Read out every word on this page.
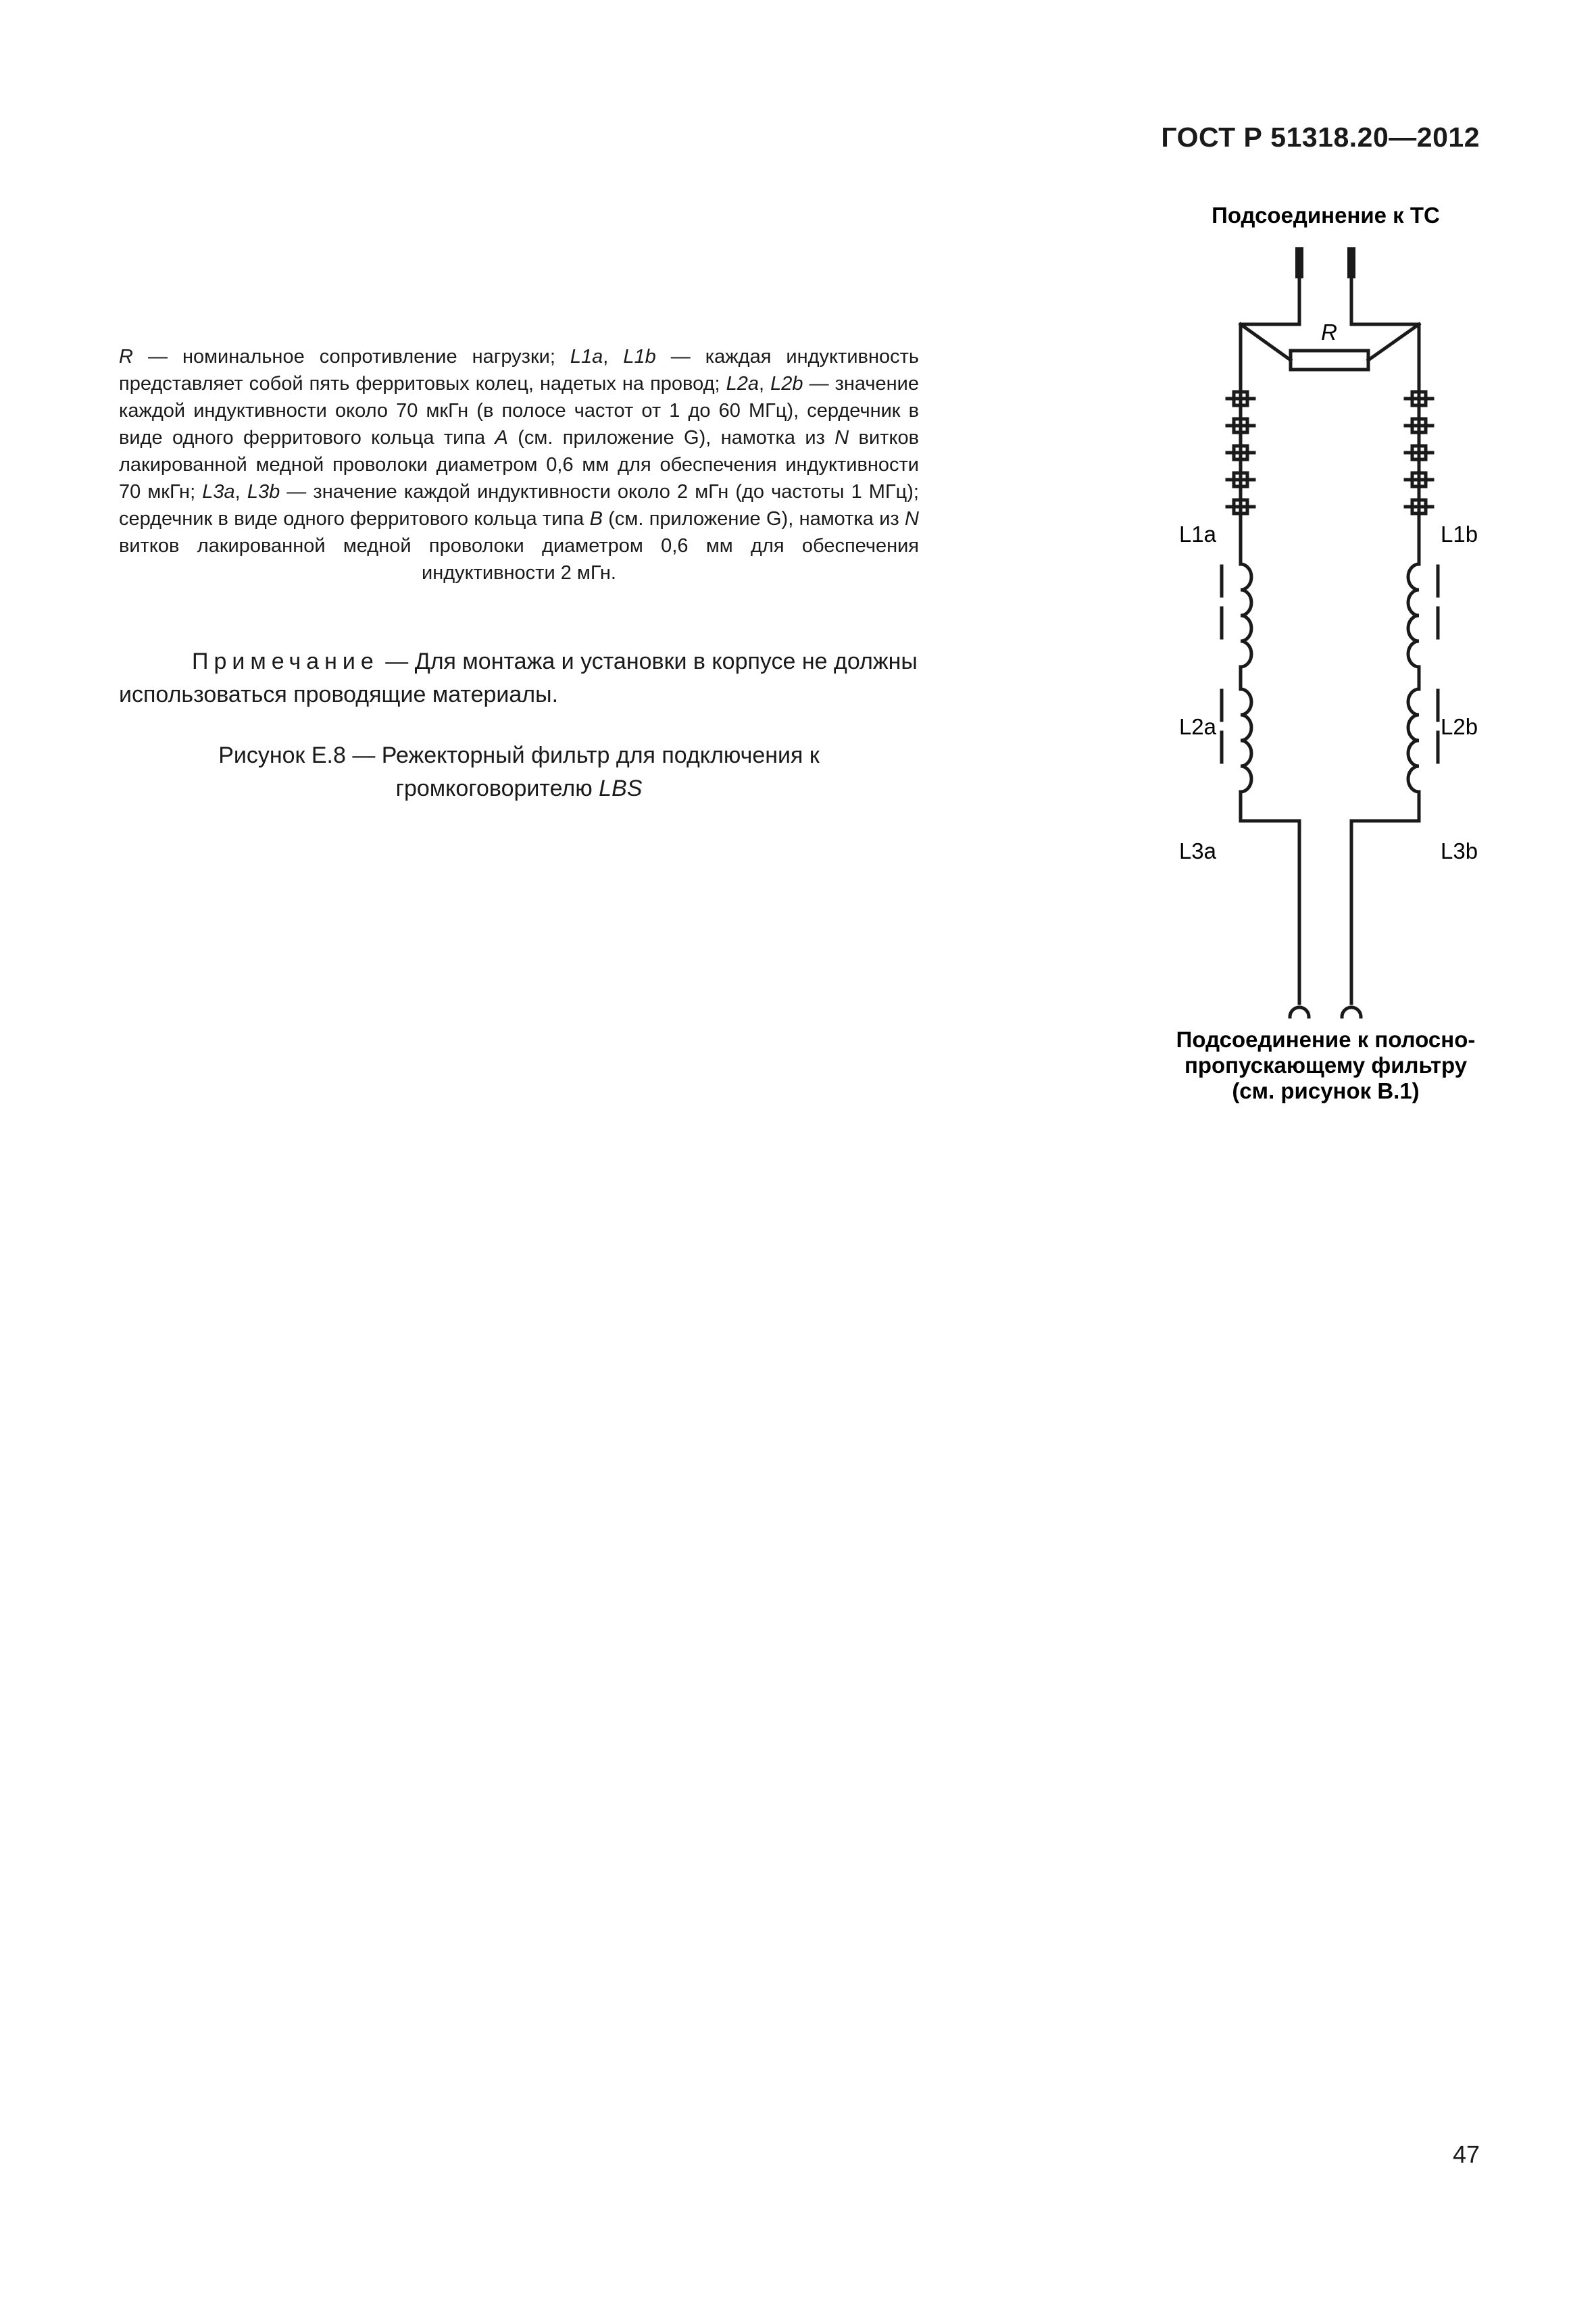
ГОСТ Р 51318.20—2012
R — номинальное сопротивление нагрузки; L1a, L1b — каждая индуктивность представляет собой пять ферритовых колец, надетых на провод; L2a, L2b — значение каждой индуктивности около 70 мкГн (в полосе частот от 1 до 60 МГц), сердечник в виде одного ферритового кольца типа A (см. приложение G), намотка из N витков лакированной медной проволоки диаметром 0,6 мм для обеспечения индуктивности 70 мкГн; L3a, L3b — значение каждой индуктивности около 2 мГн (до частоты 1 МГц); сердечник в виде одного ферритового кольца типа B (см. приложение G), намотка из N витков лакированной медной проволоки диаметром 0,6 мм для обеспечения индуктивности 2 мГн.
Примечание — Для монтажа и установки в корпусе не должны использоваться проводящие материалы.
Рисунок Е.8 — Режекторный фильтр для подключения к громкоговорителю LBS
Подсоединение к ТС
R
L1a	L1b
L2a	L2b
L3a	L3b
Подсоединение к полосно-
пропускающему фильтру
(см. рисунок В.1)
47
